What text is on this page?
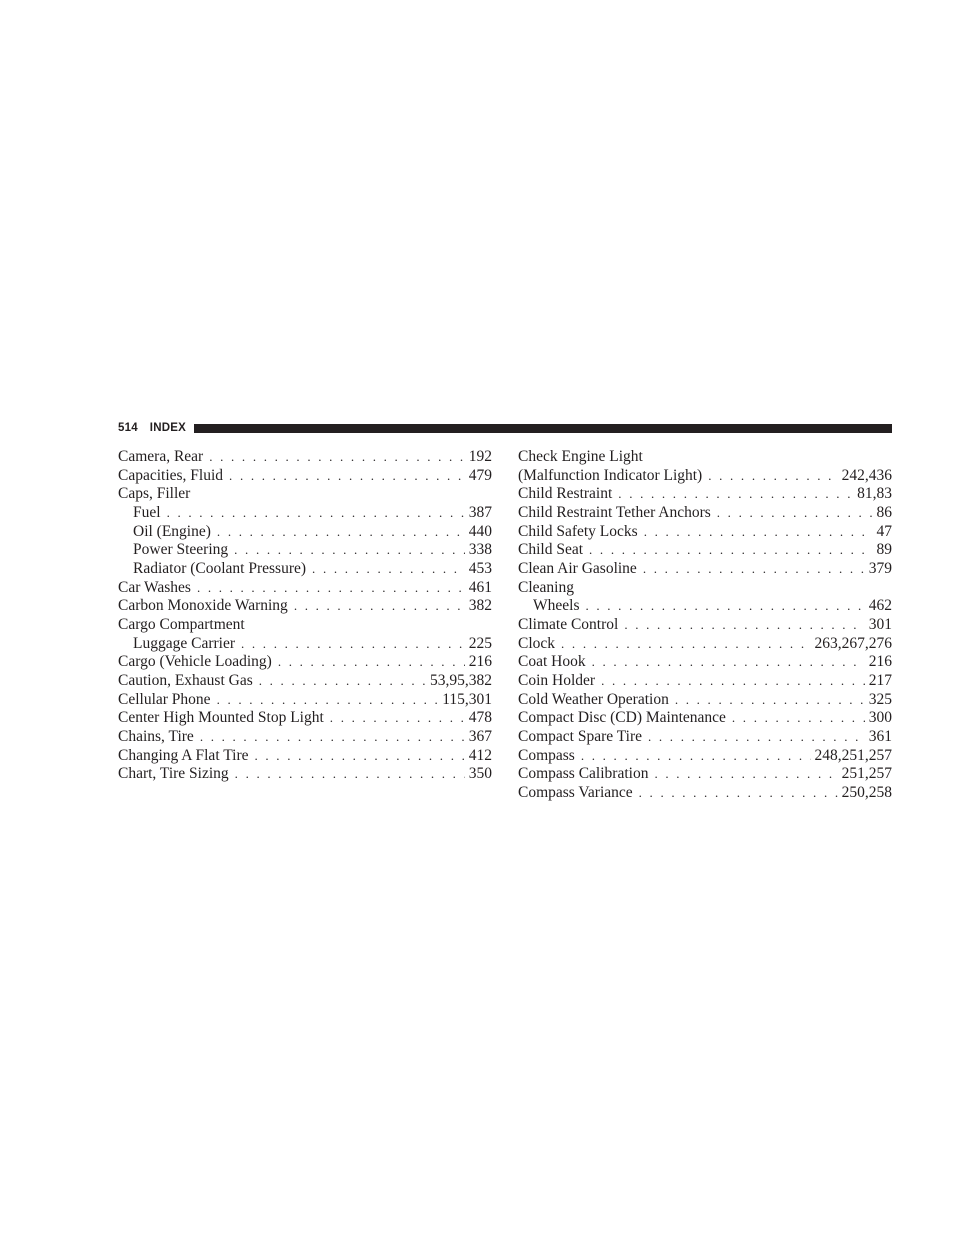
514 INDEX
Camera, Rear . . .	192
Capacities, Fluid . . .	479
Caps, Filler
Fuel . . .	387
Oil (Engine) . . .	440
Power Steering . . .	338
Radiator (Coolant Pressure) . . .	453
Car Washes . . .	461
Carbon Monoxide Warning . . .	382
Cargo Compartment
Luggage Carrier . . .	225
Cargo (Vehicle Loading) . . .	216
Caution, Exhaust Gas . . .	53,95,382
Cellular Phone . . .	115,301
Center High Mounted Stop Light . . .	478
Chains, Tire . . .	367
Changing A Flat Tire . . .	412
Chart, Tire Sizing . . .	350
Check Engine Light
(Malfunction Indicator Light) . . .	242,436
Child Restraint . . .	81,83
Child Restraint Tether Anchors . . .	86
Child Safety Locks . . .	47
Child Seat . . .	89
Clean Air Gasoline . . .	379
Cleaning
Wheels . . .	462
Climate Control . . .	301
Clock . . .	263,267,276
Coat Hook . . .	216
Coin Holder . . .	217
Cold Weather Operation . . .	325
Compact Disc (CD) Maintenance . . .	300
Compact Spare Tire . . .	361
Compass . . .	248,251,257
Compass Calibration . . .	251,257
Compass Variance . . .	250,258
